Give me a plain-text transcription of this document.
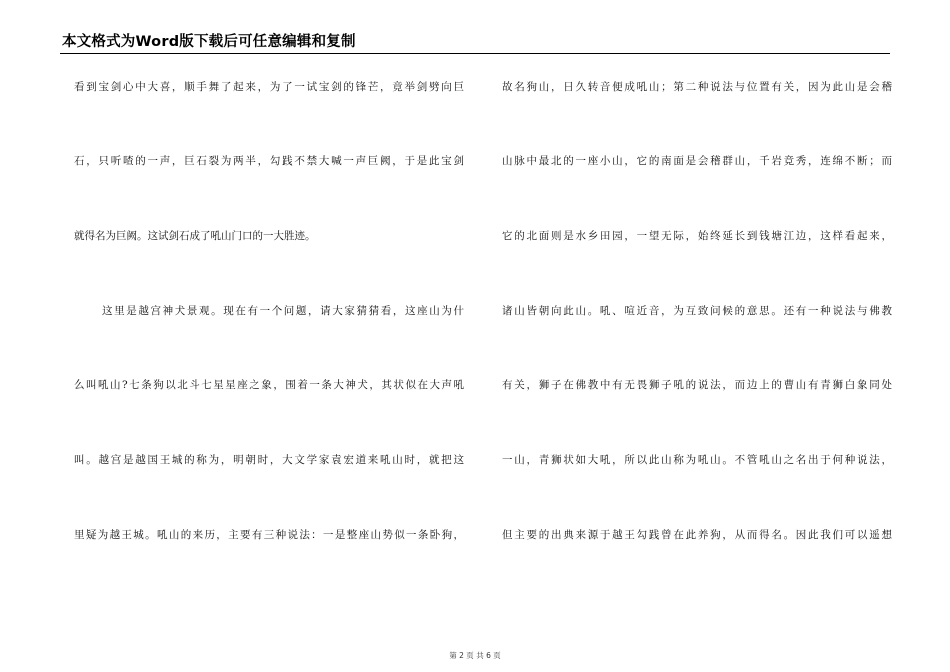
本文格式为Word版下载后可任意编辑和复制
看到宝剑心中大喜，顺手舞了起来，为了一试宝剑的锋芒，竟举剑劈向巨
石，只听喳的一声，巨石裂为两半，勾践不禁大喊一声巨阙，于是此宝剑
就得名为巨阙。这试剑石成了吼山门口的一大胜迹。
这里是越宫神犬景观。现在有一个问题，请大家猜猜看，这座山为什
么叫吼山?七条狗以北斗七星星座之象，围着一条大神犬，其状似在大声吼
叫。越宫是越国王城的称为，明朝时，大文学家袁宏道来吼山时，就把这
里疑为越王城。吼山的来历，主要有三种说法：一是整座山势似一条卧狗，
故名狗山，日久转音便成吼山；第二种说法与位置有关，因为此山是会稽
山脉中最北的一座小山，它的南面是会稽群山，千岩竞秀，连绵不断；而
它的北面则是水乡田园，一望无际，始终延长到钱塘江边，这样看起来，
诸山皆朝向此山。吼、喧近音，为互致问候的意思。还有一种说法与佛教
有关，狮子在佛教中有无畏狮子吼的说法，而边上的曹山有青狮白象同处
一山，青狮状如大吼，所以此山称为吼山。不管吼山之名出于何种说法，
但主要的出典来源于越王勾践曾在此养狗，从而得名。因此我们可以遥想
第 2 页 共 6 页
